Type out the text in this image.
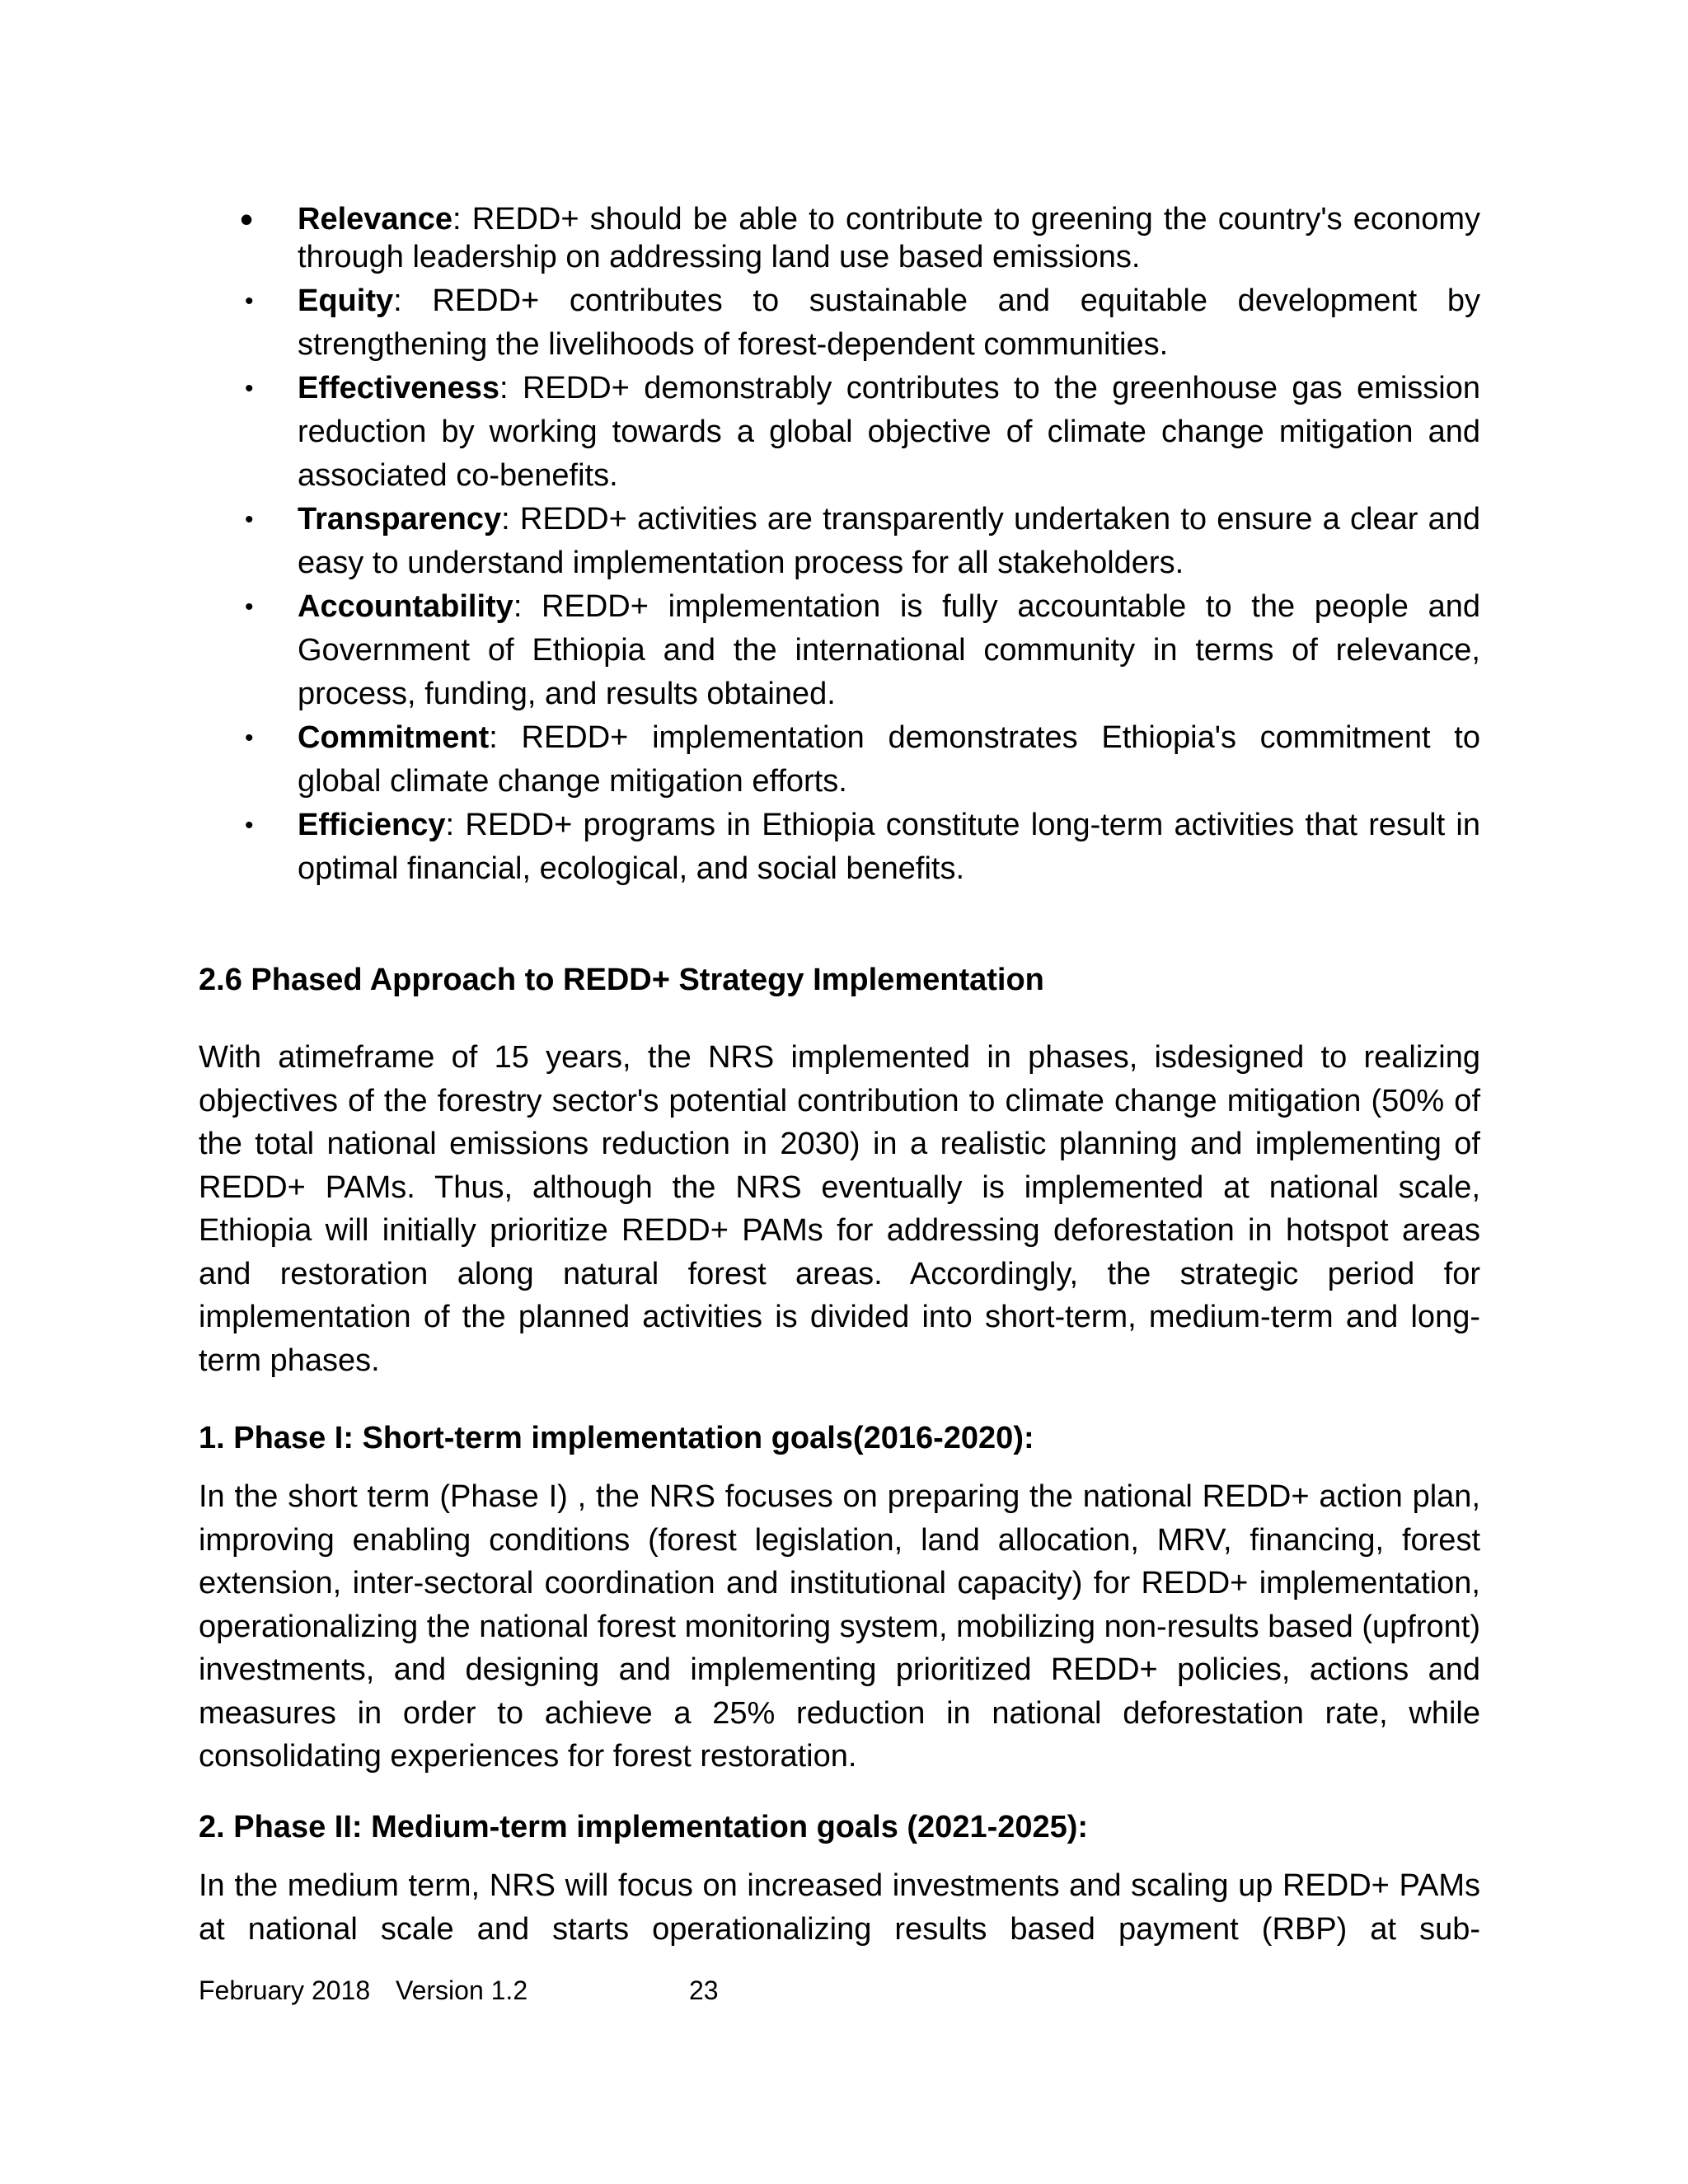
•	Relevance: REDD+ should be able to contribute to greening the country's economy through leadership on addressing land use based emissions.
•	Equity: REDD+ contributes to sustainable and equitable development by strengthening the livelihoods of forest-dependent communities.
•	Effectiveness: REDD+ demonstrably contributes to the greenhouse gas emission reduction by working towards a global objective of climate change mitigation and associated co-benefits.
•	Transparency: REDD+ activities are transparently undertaken to ensure a clear and easy to understand implementation process for all stakeholders.
•	Accountability: REDD+ implementation is fully accountable to the people and Government of Ethiopia and the international community in terms of relevance, process, funding, and results obtained.
•	Commitment: REDD+ implementation demonstrates Ethiopia's commitment to global climate change mitigation efforts.
•	Efficiency: REDD+ programs in Ethiopia constitute long-term activities that result in optimal financial, ecological, and social benefits.
2.6 Phased Approach to REDD+ Strategy Implementation

With atimeframe of 15 years, the NRS implemented in phases, isdesigned to realizing objectives of the forestry sector's potential contribution to climate change mitigation (50% of the total national emissions reduction in 2030) in a realistic planning and implementing of REDD+ PAMs. Thus, although the NRS eventually is implemented at national scale, Ethiopia will initially prioritize REDD+ PAMs for addressing deforestation in hotspot areas and restoration along natural forest areas. Accordingly, the strategic period for implementation of the planned activities is divided into short-term, medium-term and long-term phases.

1. Phase I: Short-term implementation goals(2016-2020):

In the short term (Phase I) , the NRS focuses on preparing the national REDD+ action plan, improving enabling conditions (forest legislation, land allocation, MRV, financing, forest extension, inter-sectoral coordination and institutional capacity) for REDD+ implementation, operationalizing the national forest monitoring system, mobilizing non-results based (upfront) investments, and designing and implementing prioritized REDD+ policies, actions and measures in order to achieve a 25% reduction in national deforestation rate, while consolidating experiences for forest restoration.

2. Phase II: Medium-term implementation goals (2021-2025):

In the medium term, NRS will focus on increased investments and scaling up REDD+ PAMs at national scale and starts operationalizing results based payment (RBP) at sub-

February 2018 Version 1.2	23
